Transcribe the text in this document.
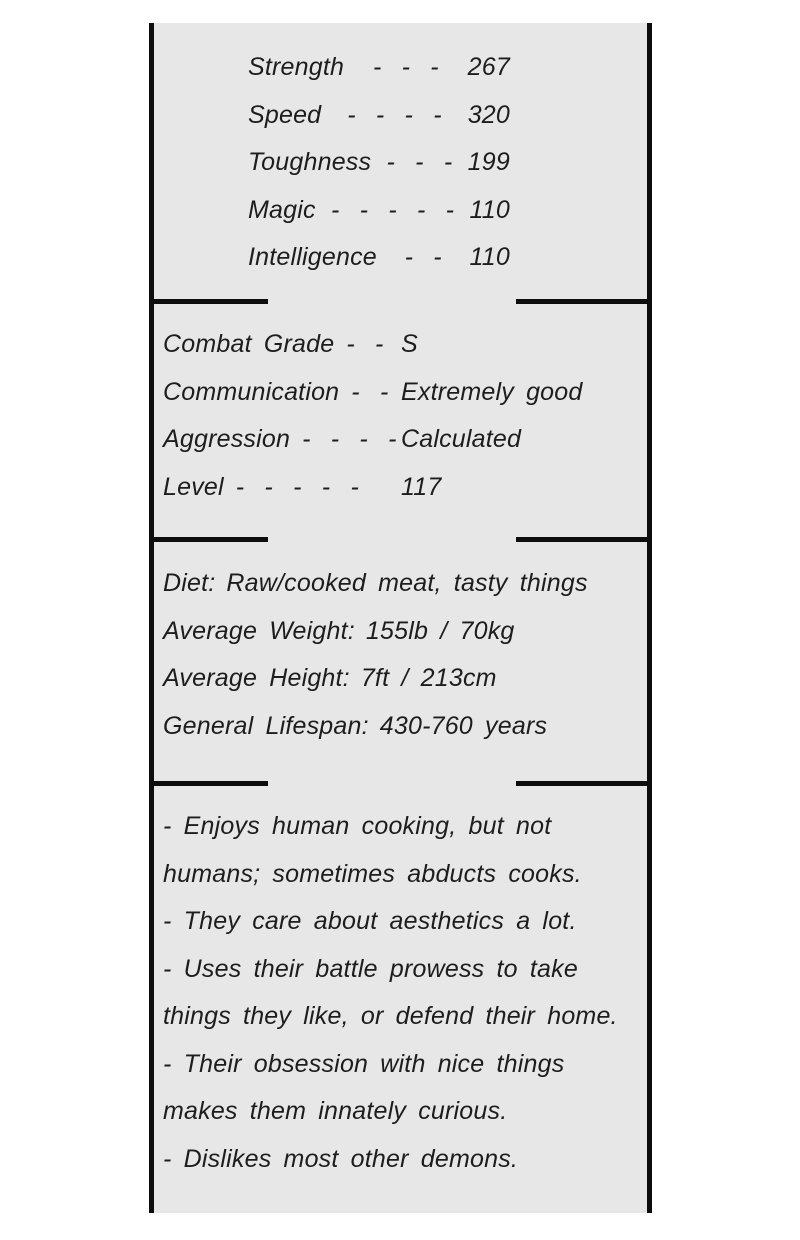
Strength - - - 267
Speed - - - - 320
Toughness - - - 199
Magic - - - - - 110
Intelligence - - 110
Combat Grade - - S
Communication - - Extremely good
Aggression - - - - Calculated
Level - - - - - 117
Diet: Raw/cooked meat, tasty things
Average Weight: 155lb / 70kg
Average Height: 7ft / 213cm
General Lifespan: 430-760 years
- Enjoys human cooking, but not
humans; sometimes abducts cooks.
- They care about aesthetics a lot.
- Uses their battle prowess to take
things they like, or defend their home.
- Their obsession with nice things
makes them innately curious.
- Dislikes most other demons.
